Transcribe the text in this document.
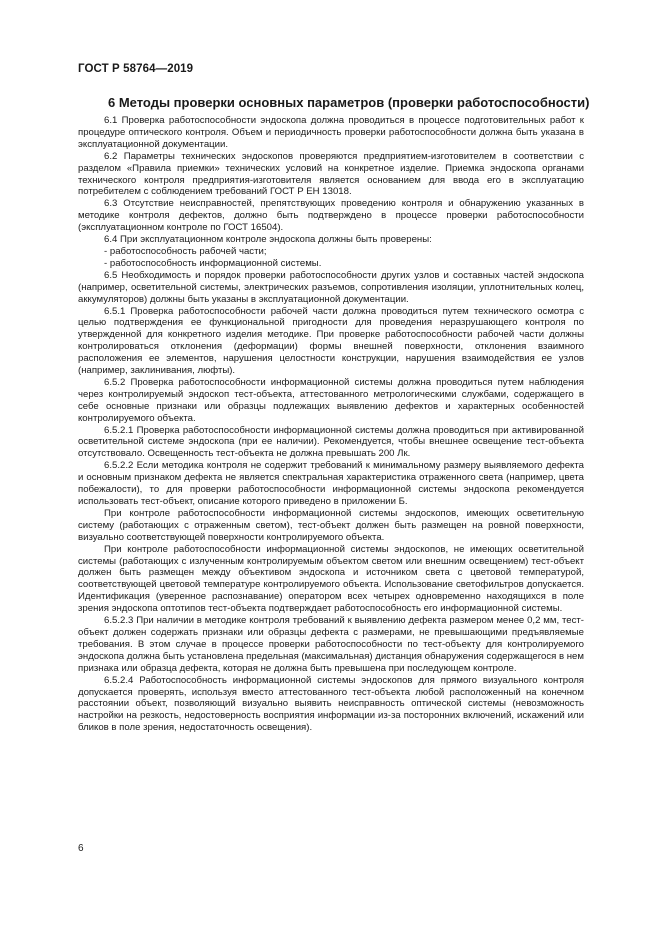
ГОСТ Р 58764—2019
6 Методы проверки основных параметров (проверки работоспособности)

6.1 Проверка работоспособности эндоскопа должна проводиться в процессе подготовительных работ к процедуре оптического контроля. Объем и периодичность проверки работоспособности должна быть указана в эксплуатационной документации.

6.2 Параметры технических эндоскопов проверяются предприятием-изготовителем в соответствии с разделом «Правила приемки» технических условий на конкретное изделие. Приемка эндоскопа органами технического контроля предприятия-изготовителя является основанием для ввода его в эксплуатацию потребителем с соблюдением требований ГОСТ Р ЕН 13018.

6.3 Отсутствие неисправностей, препятствующих проведению контроля и обнаружению указанных в методике контроля дефектов, должно быть подтверждено в процессе проверки работоспособности (эксплуатационном контроле по ГОСТ 16504).

6.4 При эксплуатационном контроле эндоскопа должны быть проверены:

- работоспособность рабочей части;

- работоспособность информационной системы.

6.5 Необходимость и порядок проверки работоспособности других узлов и составных частей эндоскопа (например, осветительной системы, электрических разъемов, сопротивления изоляции, уплотнительных колец, аккумуляторов) должны быть указаны в эксплуатационной документации.

6.5.1 Проверка работоспособности рабочей части должна проводиться путем технического осмотра с целью подтверждения ее функциональной пригодности для проведения неразрушающего контроля по утвержденной для конкретного изделия методике. При проверке работоспособности рабочей части должны контролироваться отклонения (деформации) формы внешней поверхности, отклонения взаимного расположения ее элементов, нарушения целостности конструкции, нарушения взаимодействия ее узлов (например, заклинивания, люфты).

6.5.2 Проверка работоспособности информационной системы должна проводиться путем наблюдения через контролируемый эндоскоп тест-объекта, аттестованного метрологическими службами, содержащего в себе основные признаки или образцы подлежащих выявлению дефектов и характерных особенностей контролируемого объекта.

6.5.2.1 Проверка работоспособности информационной системы должна проводиться при активированной осветительной системе эндоскопа (при ее наличии). Рекомендуется, чтобы внешнее освещение тест-объекта отсутствовало. Освещенность тест-объекта не должна превышать 200 Лк.

6.5.2.2 Если методика контроля не содержит требований к минимальному размеру выявляемого дефекта и основным признаком дефекта не является спектральная характеристика отраженного света (например, цвета побежалости), то для проверки работоспособности информационной системы эндоскопа рекомендуется использовать тест-объект, описание которого приведено в приложении Б.

При контроле работоспособности информационной системы эндоскопов, имеющих осветительную систему (работающих с отраженным светом), тест-объект должен быть размещен на ровной поверхности, визуально соответствующей поверхности контролируемого объекта.

При контроле работоспособности информационной системы эндоскопов, не имеющих осветительной системы (работающих с излученным контролируемым объектом светом или внешним освещением) тест-объект должен быть размещен между объективом эндоскопа и источником света с цветовой температурой, соответствующей цветовой температуре контролируемого объекта. Использование светофильтров допускается. Идентификация (уверенное распознавание) оператором всех четырех одновременно находящихся в поле зрения эндоскопа оптотипов тест-объекта подтверждает работоспособность его информационной системы.

6.5.2.3 При наличии в методике контроля требований к выявлению дефекта размером менее 0,2 мм, тест-объект должен содержать признаки или образцы дефекта с размерами, не превышающими предъявляемые требования. В этом случае в процессе проверки работоспособности по тест-объекту для контролируемого эндоскопа должна быть установлена предельная (максимальная) дистанция обнаружения содержащегося в нем признака или образца дефекта, которая не должна быть превышена при последующем контроле.

6.5.2.4 Работоспособность информационной системы эндоскопов для прямого визуального контроля допускается проверять, используя вместо аттестованного тест-объекта любой расположенный на конечном расстоянии объект, позволяющий визуально выявить неисправность оптической системы (невозможность настройки на резкость, недостоверность восприятия информации из-за посторонних включений, искажений или бликов в поле зрения, недостаточность освещения).

6
